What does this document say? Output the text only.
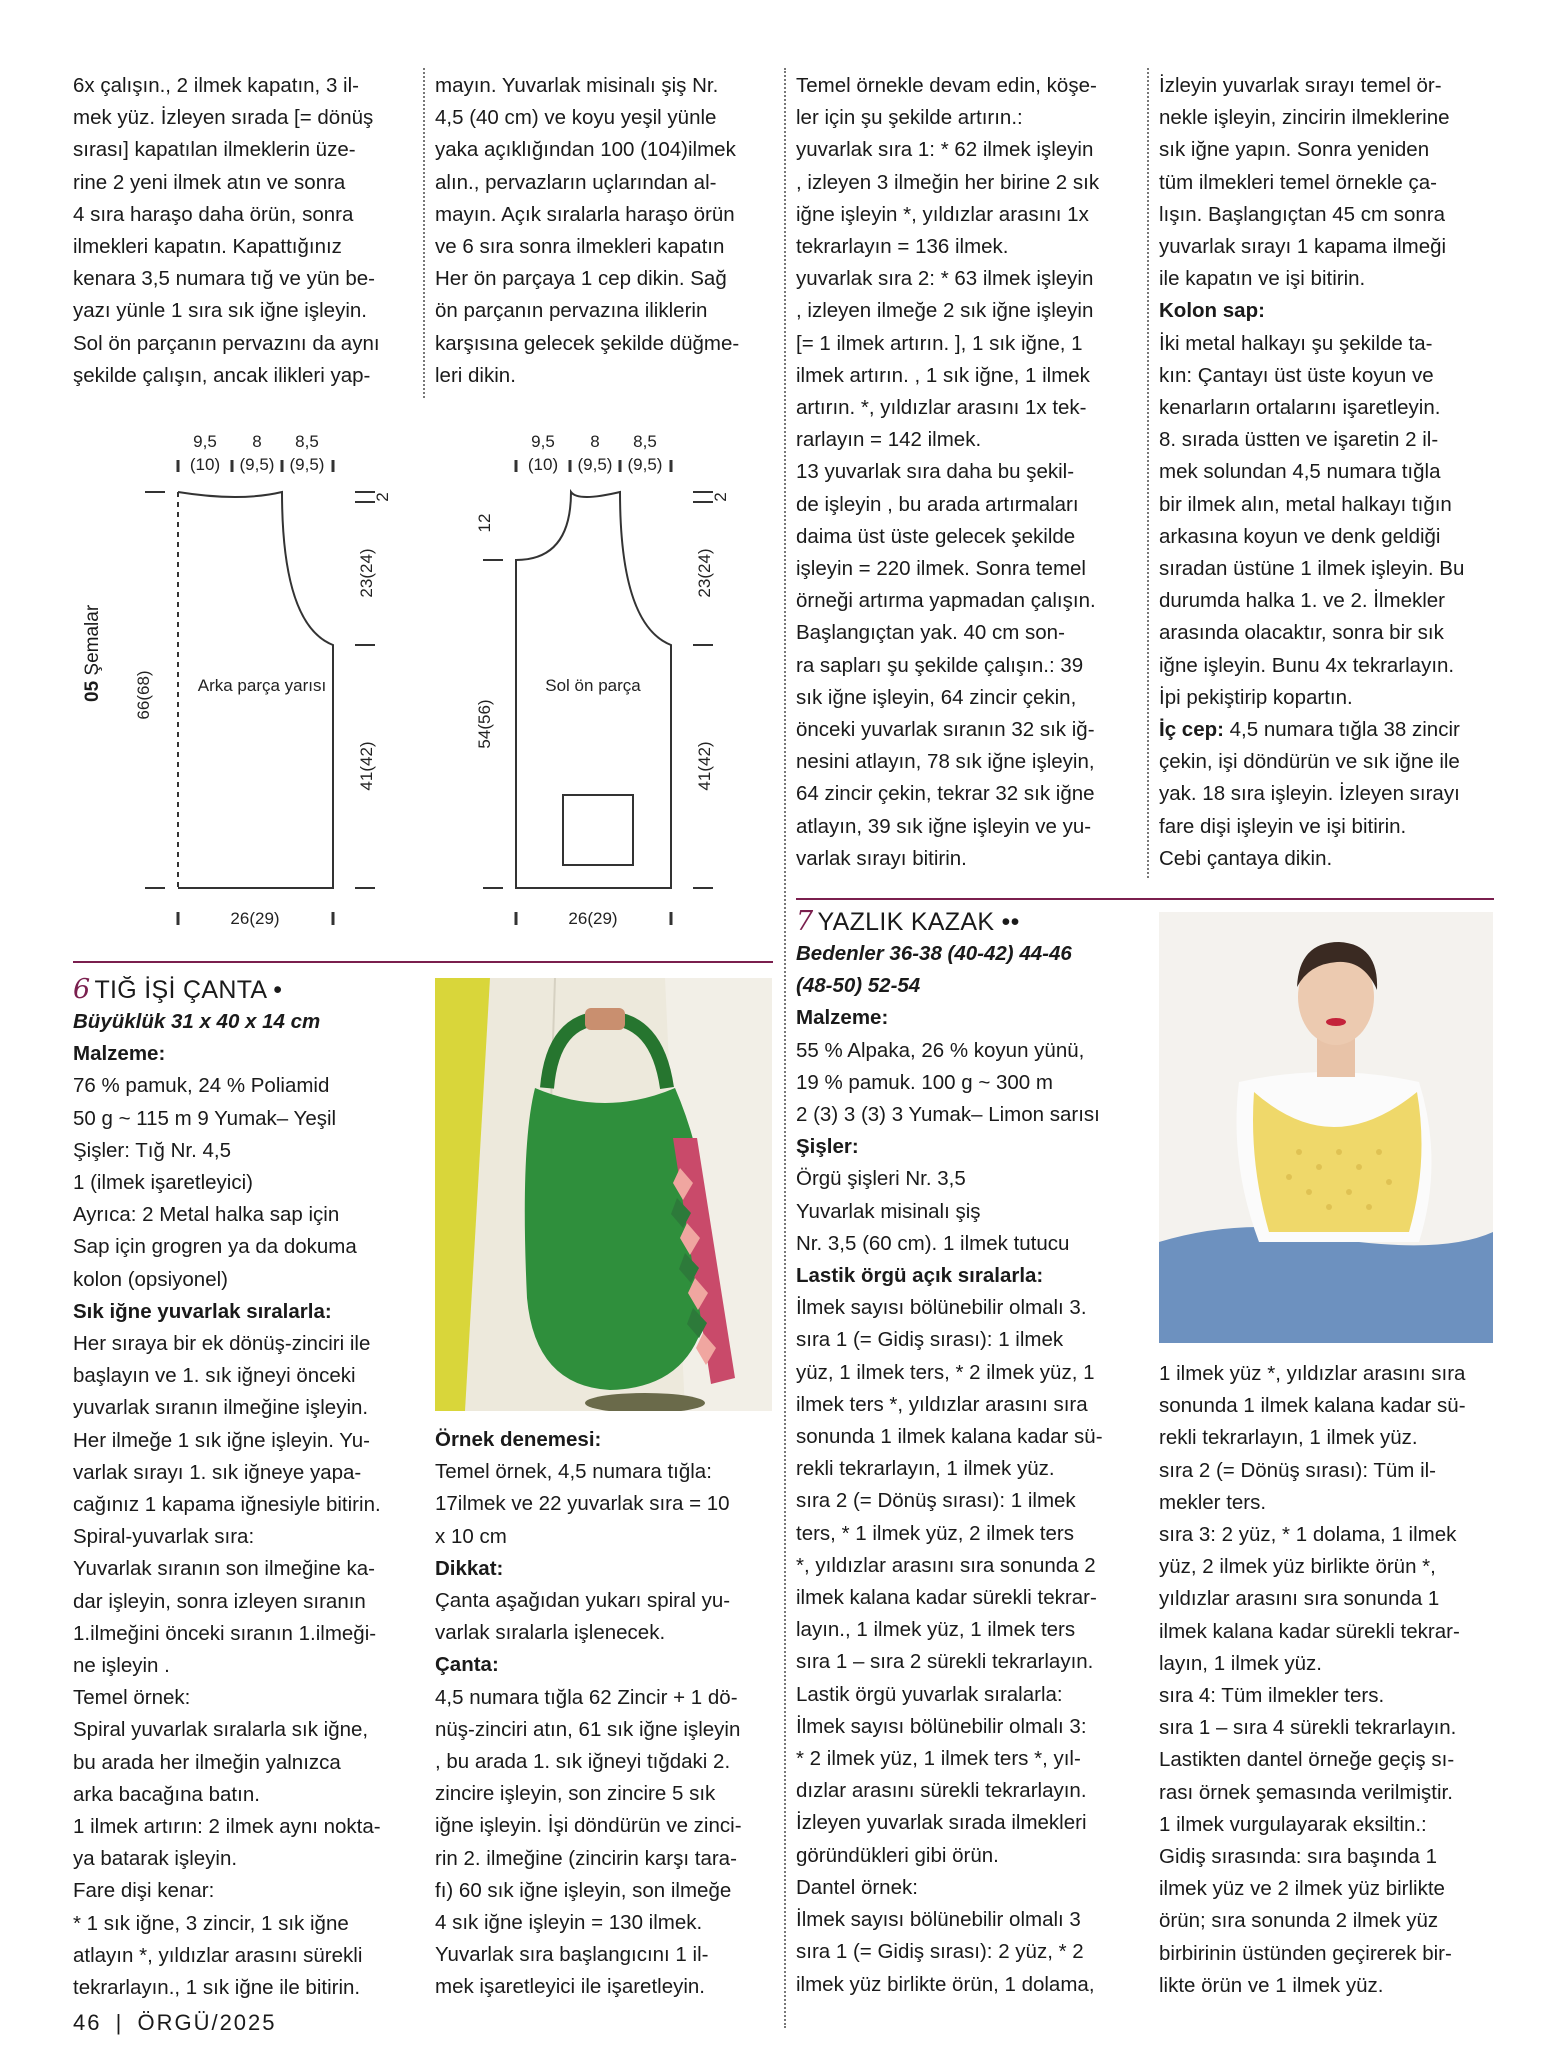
6x çalışın., 2 ilmek kapatın, 3 il-

mek yüz. İzleyen sırada [= dönüş

sırası] kapatılan ilmeklerin üze-

rine 2 yeni ilmek atın ve sonra

4 sıra haraşo daha örün, sonra

ilmekleri kapatın. Kapattığınız

kenara 3,5 numara tığ ve yün be-

yazı yünle 1 sıra sık iğne işleyin.

Sol ön parçanın pervazını da aynı

şekilde çalışın, ancak ilikleri yap-

mayın. Yuvarlak misinalı şiş Nr.

4,5 (40 cm) ve koyu yeşil yünle

yaka açıklığından 100 (104)ilmek

alın., pervazların uçlarından al-

mayın. Açık sıralarla haraşo örün

ve 6 sıra sonra ilmekleri kapatın

Her ön parçaya 1 cep dikin. Sağ

ön parçanın pervazına iliklerin

karşısına gelecek şekilde düğme-

leri dikin.

05 Şemalar
9,5 8 8,5
(10) (9,5) (9,5)
2
23(24)
41(42)
66(68)
26(29)
Arka parça yarısı
9,5 8 8,5
(10) (9,5) (9,5)
2
23(24)
41(42)
12
54(56)
26(29)
Sol ön parça
6 TIĞ İŞİ ÇANTA •

Büyüklük 31 x 40 x 14 cm

Malzeme:

76 % pamuk, 24 % Poliamid

50 g ~ 115 m 9 Yumak– Yeşil

Şişler: Tığ Nr. 4,5

1 (ilmek işaretleyici)

Ayrıca: 2 Metal halka sap için

Sap için grogren ya da dokuma

kolon (opsiyonel)

Sık iğne yuvarlak sıralarla:

Her sıraya bir ek dönüş-zinciri ile

başlayın ve 1. sık iğneyi önceki

yuvarlak sıranın ilmeğine işleyin.

Her ilmeğe 1 sık iğne işleyin. Yu-

varlak sırayı 1. sık iğneye yapa-

cağınız 1 kapama iğnesiyle bitirin.

Spiral-yuvarlak sıra:

Yuvarlak sıranın son ilmeğine ka-

dar işleyin, sonra izleyen sıranın

1.ilmeğini önceki sıranın 1.ilmeği-

ne işleyin .

Temel örnek:

Spiral yuvarlak sıralarla sık iğne,

bu arada her ilmeğin yalnızca

arka bacağına batın.

1 ilmek artırın: 2 ilmek aynı nokta-

ya batarak işleyin.

Fare dişi kenar:

* 1 sık iğne, 3 zincir, 1 sık iğne

atlayın *, yıldızlar arasını sürekli

tekrarlayın., 1 sık iğne ile bitirin.

Örnek denemesi:

Temel örnek, 4,5 numara tığla:

17ilmek ve 22 yuvarlak sıra = 10

x 10 cm

Dikkat:

Çanta aşağıdan yukarı spiral yu-

varlak sıralarla işlenecek.

Çanta:

4,5 numara tığla 62 Zincir + 1 dö-

nüş-zinciri atın, 61 sık iğne işleyin

, bu arada 1. sık iğneyi tığdaki 2.

zincire işleyin, son zincire 5 sık

iğne işleyin. İşi döndürün ve zinci-

rin 2. ilmeğine (zincirin karşı tara-

fı) 60 sık iğne işleyin, son ilmeğe

4 sık iğne işleyin = 130 ilmek.

Yuvarlak sıra başlangıcını 1 il-

mek işaretleyici ile işaretleyin.

Temel örnekle devam edin, köşe-

ler için şu şekilde artırın.:

yuvarlak sıra 1: * 62 ilmek işleyin

, izleyen 3 ilmeğin her birine 2 sık

iğne işleyin *, yıldızlar arasını 1x

tekrarlayın = 136 ilmek.

yuvarlak sıra 2: * 63 ilmek işleyin

, izleyen ilmeğe 2 sık iğne işleyin

[= 1 ilmek artırın. ], 1 sık iğne, 1

ilmek artırın. , 1 sık iğne, 1 ilmek

artırın. *, yıldızlar arasını 1x tek-

rarlayın = 142 ilmek.

13 yuvarlak sıra daha bu şekil-

de işleyin , bu arada artırmaları

daima üst üste gelecek şekilde

işleyin = 220 ilmek. Sonra temel

örneği artırma yapmadan çalışın.

Başlangıçtan yak. 40 cm son-

ra sapları şu şekilde çalışın.: 39

sık iğne işleyin, 64 zincir çekin,

önceki yuvarlak sıranın 32 sık iğ-

nesini atlayın, 78 sık iğne işleyin,

64 zincir çekin, tekrar 32 sık iğne

atlayın, 39 sık iğne işleyin ve yu-

varlak sırayı bitirin.

İzleyin yuvarlak sırayı temel ör-

nekle işleyin, zincirin ilmeklerine

sık iğne yapın. Sonra yeniden

tüm ilmekleri temel örnekle ça-

lışın. Başlangıçtan 45 cm sonra

yuvarlak sırayı 1 kapama ilmeği

ile kapatın ve işi bitirin.

Kolon sap:

İki metal halkayı şu şekilde ta-

kın: Çantayı üst üste koyun ve

kenarların ortalarını işaretleyin.

8. sırada üstten ve işaretin 2 il-

mek solundan 4,5 numara tığla

bir ilmek alın, metal halkayı tığın

arkasına koyun ve denk geldiği

sıradan üstüne 1 ilmek işleyin. Bu

durumda halka 1. ve 2. İlmekler

arasında olacaktır, sonra bir sık

iğne işleyin. Bunu 4x tekrarlayın.

İpi pekiştirip kopartın.

İç cep: 4,5 numara tığla 38 zincir

çekin, işi döndürün ve sık iğne ile

yak. 18 sıra işleyin. İzleyen sırayı

fare dişi işleyin ve işi bitirin.

Cebi çantaya dikin.

7 YAZLIK KAZAK ••

Bedenler 36-38 (40-42) 44-46

(48-50) 52-54

Malzeme:

55 % Alpaka, 26 % koyun yünü,

19 % pamuk. 100 g ~ 300 m

2 (3) 3 (3) 3 Yumak– Limon sarısı

Şişler:

Örgü şişleri Nr. 3,5

Yuvarlak misinalı şiş

Nr. 3,5 (60 cm). 1 ilmek tutucu

Lastik örgü açık sıralarla:

İlmek sayısı bölünebilir olmalı 3.

sıra 1 (= Gidiş sırası): 1 ilmek

yüz, 1 ilmek ters, * 2 ilmek yüz, 1

ilmek ters *, yıldızlar arasını sıra

sonunda 1 ilmek kalana kadar sü-

rekli tekrarlayın, 1 ilmek yüz.

sıra 2 (= Dönüş sırası): 1 ilmek

ters, * 1 ilmek yüz, 2 ilmek ters

*, yıldızlar arasını sıra sonunda 2

ilmek kalana kadar sürekli tekrar-

layın., 1 ilmek yüz, 1 ilmek ters

sıra 1 – sıra 2 sürekli tekrarlayın.

Lastik örgü yuvarlak sıralarla:

İlmek sayısı bölünebilir olmalı 3:

* 2 ilmek yüz, 1 ilmek ters *, yıl-

dızlar arasını sürekli tekrarlayın.

İzleyen yuvarlak sırada ilmekleri

göründükleri gibi örün.

Dantel örnek:

İlmek sayısı bölünebilir olmalı 3

sıra 1 (= Gidiş sırası): 2 yüz, * 2

ilmek yüz birlikte örün, 1 dolama,

1 ilmek yüz *, yıldızlar arasını sıra

sonunda 1 ilmek kalana kadar sü-

rekli tekrarlayın, 1 ilmek yüz.

sıra 2 (= Dönüş sırası): Tüm il-

mekler ters.

sıra 3: 2 yüz, * 1 dolama, 1 ilmek

yüz, 2 ilmek yüz birlikte örün *,

yıldızlar arasını sıra sonunda 1

ilmek kalana kadar sürekli tekrar-

layın, 1 ilmek yüz.

sıra 4: Tüm ilmekler ters.

sıra 1 – sıra 4 sürekli tekrarlayın.

Lastikten dantel örneğe geçiş sı-

rası örnek şemasında verilmiştir.

1 ilmek vurgulayarak eksiltin.:

Gidiş sırasında: sıra başında 1

ilmek yüz ve 2 ilmek yüz birlikte

örün; sıra sonunda 2 ilmek yüz

birbirinin üstünden geçirerek bir-

likte örün ve 1 ilmek yüz.

46 | ÖRGÜ/2025
